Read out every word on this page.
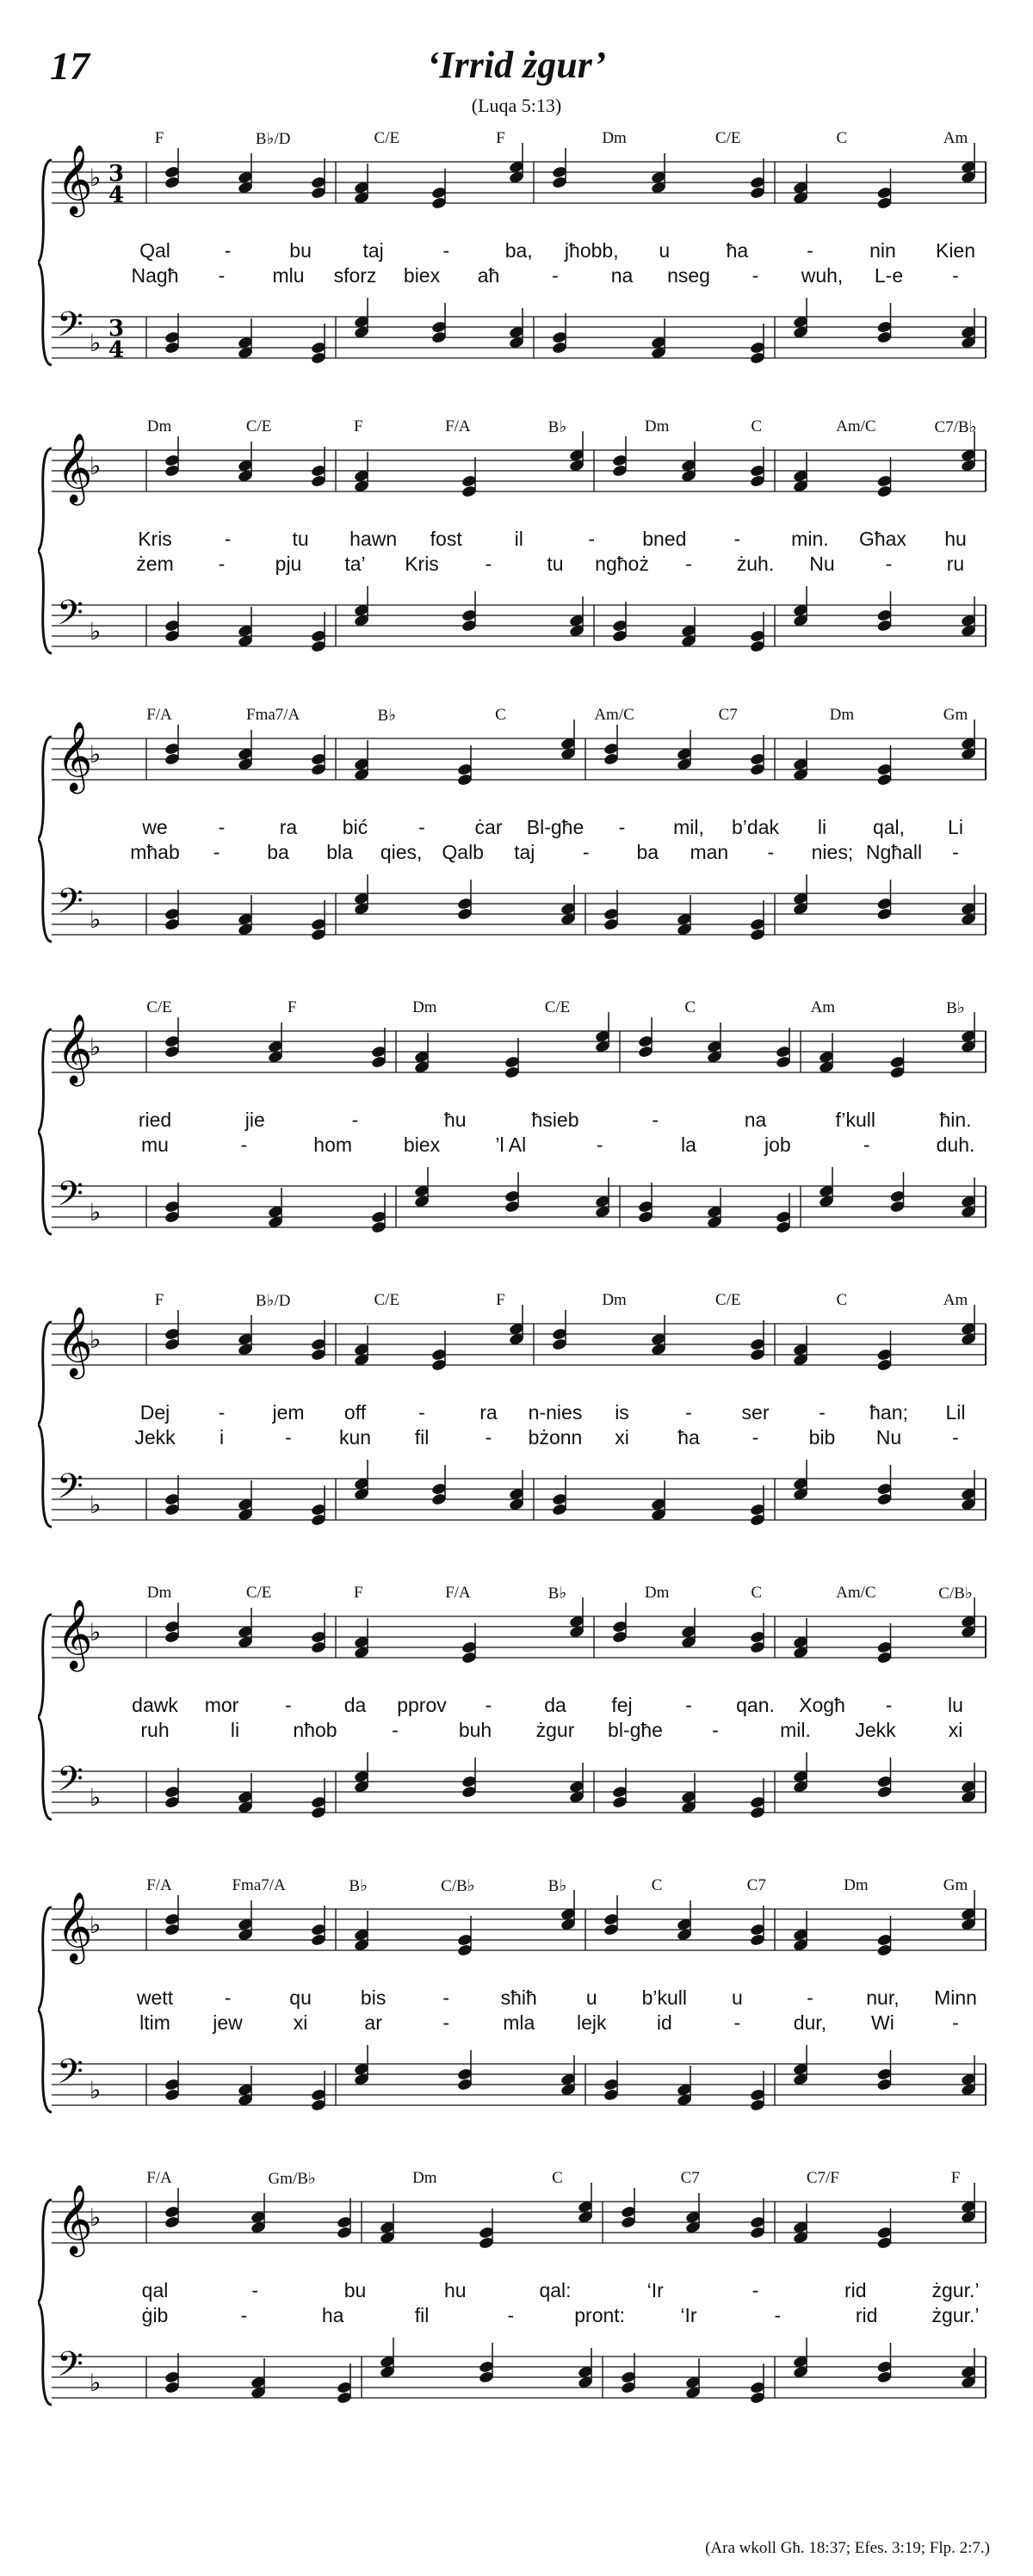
17	‘Irrid żgur’
(Luqa 5:13)
F	B♭/D	C/E	F	Dm	C/E	C	Am
𝄞
♭ 3
4
𝄢 ♭ 3
4
Qal	-	bu	taj	-	ba, jħobb, u	ħa	-	nin Kien
Nagħ - mlu sforz biex aħ	-	na nseg - wuh, L-e -
Dm	C/E	F	F/A	B♭	Dm	C	Am/C	C7/B♭
𝄞
♭
𝄢 ♭
Kris	-	tu hawn fost	il	- bned -	min. Għax hu
żem -	pju ta’ Kris -	tu ngħoż - żuh. Nu	-	ru
F/A	Fma7/A	B♭	C	Am/C	C7	Dm	Gm
𝄞
♭
𝄢 ♭
we	-	ra bić	-	ċar Bl-għe - mil, b’dak li qal, Li
mħab - ba bla qies, Qalb taj - ba man - nies; Ngħall -
C/E	F	Dm	C/E	C	Am	B♭
𝄞
♭
𝄢 ♭
ried	jie	-	ħu	ħsieb	-	na	f’kull	ħin.
mu	-	hom	biex	’l Al	-	la	job	-	duh.
F	B♭/D	C/E	F	Dm	C/E	C	Am
𝄞
♭
𝄢 ♭
Dej - jem off	-	ra n-nies is	-	ser	- ħan; Lil
Jekk i	- kun fil	- bżonn xi ħa	-	bib Nu	-
Dm	C/E	F	F/A	B♭	Dm	C	Am/C	C/B♭
𝄞
♭
𝄢 ♭
dawk mor -	da pprov -	da fej	- qan. Xogħ -	lu
ruh	li	nħob	-	buh żgur bl-għe -	mil. Jekk	xi
F/A	Fma7/A	B♭	C/B♭	B♭	C	C7	Dm	Gm
𝄞
♭
𝄢 ♭
wett	-	qu bis	-	sħiħ u b’kull u	-	nur, Minn
ltim jew	xi	ar	-	mla lejk	id	-	dur, Wi	-
F/A	Gm/B♭	Dm	C	C7	C7/F	F
𝄞
♭
𝄢 ♭
qal	-	bu	hu	qal:	‘Ir	-	rid	żgur.’
ġib	-	ha	fil	-	pront:	‘Ir	-	rid	żgur.’
(Ara wkoll Għ. 18:37; Efes. 3:19; Flp. 2:7.)
